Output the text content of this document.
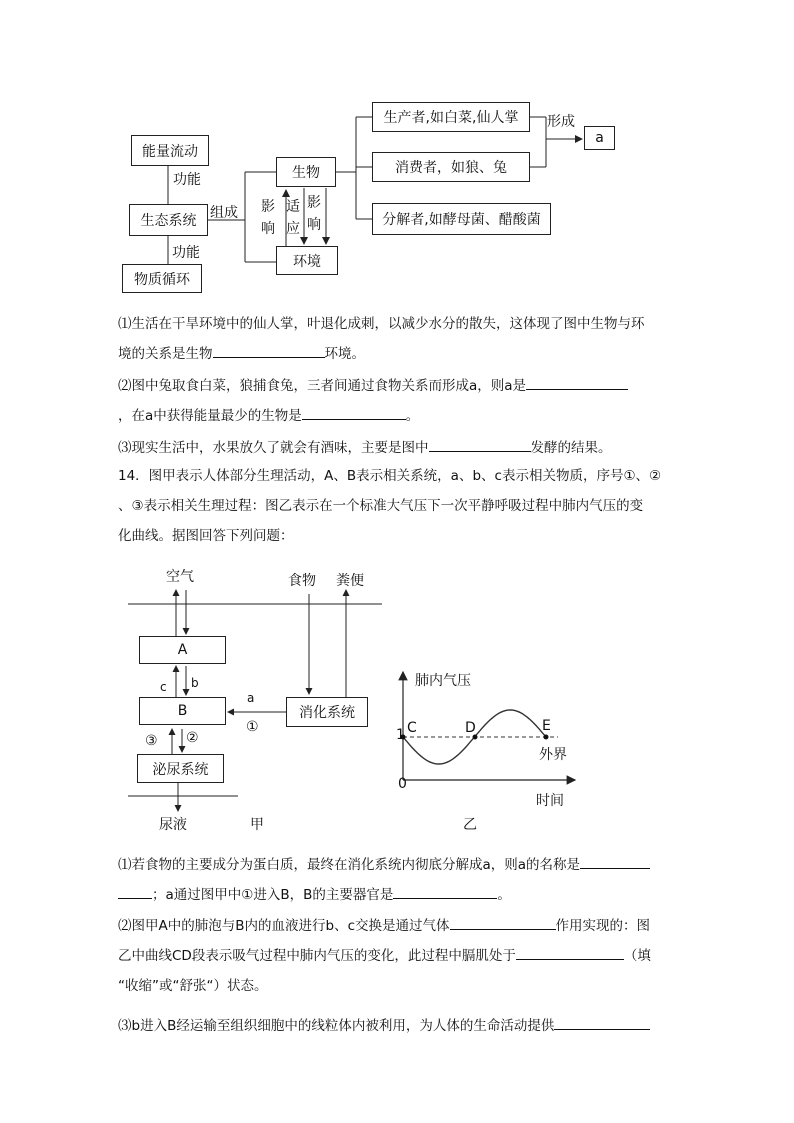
能量流动
功能
生态系统 组成
功能
物质循环
生物
环境
影响
适应
影响
生产者,如白菜,仙人掌
消费者，如狼、兔
分解者,如酵母菌、醋酸菌
形成
a
⑴生活在干旱环境中的仙人掌，叶退化成刺，以减少水分的散失，这体现了图中生物与环
境的关系是生物	环境。
⑵图中兔取食白菜，狼捕食兔，三者间通过食物关系而形成a，则a是
，在a中获得能量最少的生物是	。
⑶现实生活中，水果放久了就会有酒味，主要是图中	发酵的结果。
14．图甲表示人体部分生理活动，A、B表示相关系统，a、b、c表示相关物质，序号①、②
、③表示相关生理过程：图乙表示在一个标准大气压下一次平静呼吸过程中肺内气压的变
化曲线。据图回答下列问题：
空气	食物 粪便
A
c b
B
a
①
消化系统
③ ②
泌尿系统
尿液	甲
肺内气压
1 C	D	E
外界
0
时间
乙
⑴若食物的主要成分为蛋白质，最终在消化系统内彻底分解成a，则a的名称是
；a通过图甲中①进入B，B的主要器官是	。
⑵图甲A中的肺泡与B内的血液进行b、c交换是通过气体	作用实现的：图
乙中曲线CD段表示吸气过程中肺内气压的变化，此过程中膈肌处于	（填
“收缩”或“舒张“）状态。
⑶b进入B经运输至组织细胞中的线粒体内被利用，为人体的生命活动提供
